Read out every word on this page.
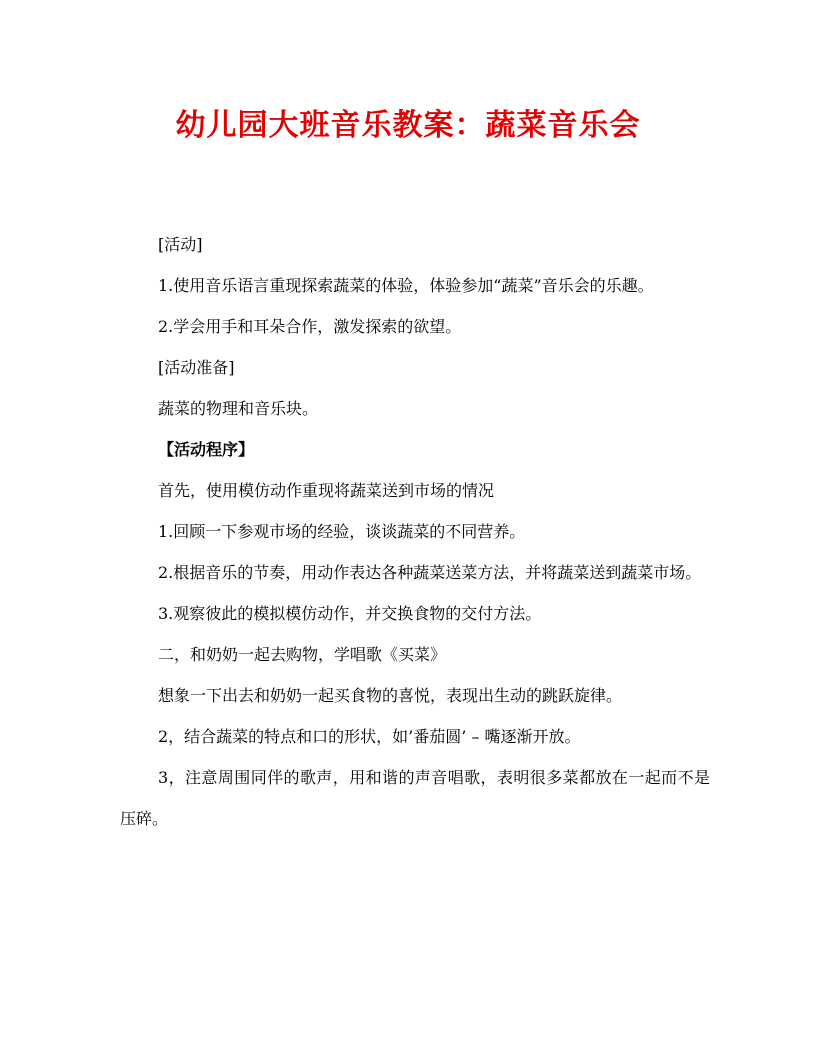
幼儿园大班音乐教案：蔬菜音乐会

[活动]

1.使用音乐语言重现探索蔬菜的体验，体验参加“蔬菜”音乐会的乐趣。

2.学会用手和耳朵合作，激发探索的欲望。

[活动准备]

蔬菜的物理和音乐块。

【活动程序】

首先，使用模仿动作重现将蔬菜送到市场的情况

1.回顾一下参观市场的经验，谈谈蔬菜的不同营养。

2.根据音乐的节奏，用动作表达各种蔬菜送菜方法，并将蔬菜送到蔬菜市场。

3.观察彼此的模拟模仿动作，并交换食物的交付方法。

二，和奶奶一起去购物，学唱歌《买菜》

想象一下出去和奶奶一起买食物的喜悦，表现出生动的跳跃旋律。

2，结合蔬菜的特点和口的形状，如’番茄圆’ – 嘴逐渐开放。

3，注意周围同伴的歌声，用和谐的声音唱歌，表明很多菜都放在一起而不是压碎。
